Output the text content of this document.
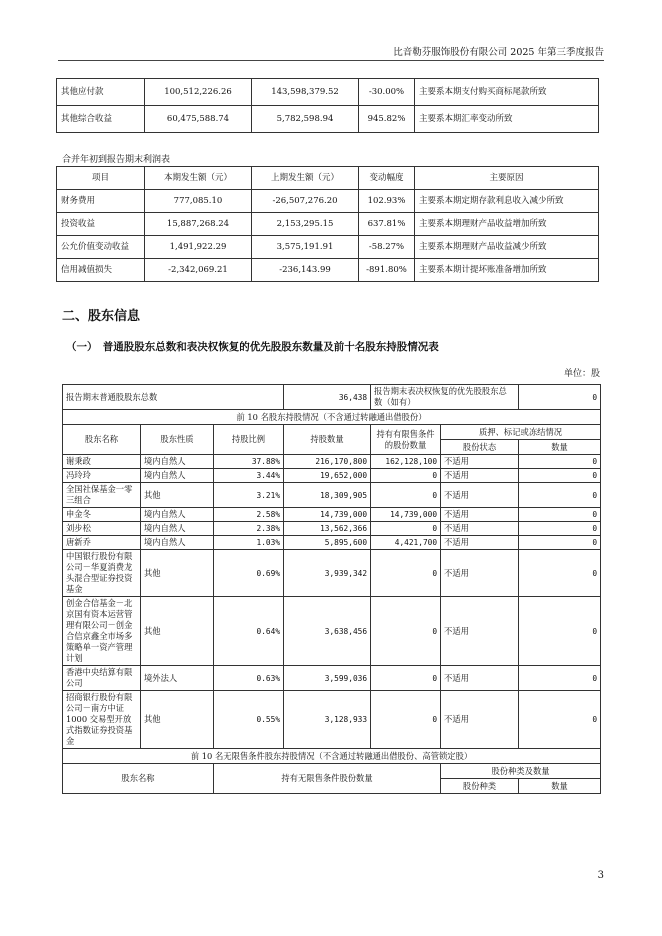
比音勒芬服饰股份有限公司 2025 年第三季度报告
其他应付款	100,512,226.26	143,598,379.52	-30.00%	主要系本期支付购买商标尾款所致
其他综合收益	60,475,588.74	5,782,598.94	945.82%	主要系本期汇率变动所致
合并年初到报告期末利润表
项目	本期发生额（元）	上期发生额（元）	变动幅度	主要原因
财务费用	777,085.10	-26,507,276.20	102.93%	主要系本期定期存款利息收入减少所致
投资收益	15,887,268.24	2,153,295.15	637.81%	主要系本期理财产品收益增加所致
公允价值变动收益	1,491,922.29	3,575,191.91	-58.27%	主要系本期理财产品收益减少所致
信用减值损失	-2,342,069.21	-236,143.99	-891.80%	主要系本期计提坏账准备增加所致
二、股东信息
（一）　普通股股东总数和表决权恢复的优先股股东数量及前十名股东持股情况表
单位：股
报告期末普通股股东总数			36,438	报告期末表决权恢复的优先股股东总数（如有）		0
前 10 名股东持股情况（不含通过转融通出借股份）						
股东名称	股东性质	持股比例	持股数量	持有有限售条件的股份数量	质押、标记或冻结情况	
					股份状态	数量
谢秉政	境内自然人	37.88%	216,170,800	162,128,100	不适用	0
冯玲玲	境内自然人	3.44%	19,652,000	0	不适用	0
全国社保基金一零三组合	其他	3.21%	18,309,905	0	不适用	0
申金冬	境内自然人	2.58%	14,739,000	14,739,000	不适用	0
刘步松	境内自然人	2.38%	13,562,366	0	不适用	0
唐新乔	境内自然人	1.03%	5,895,600	4,421,700	不适用	0
中国银行股份有限公司－华夏消费龙头混合型证券投资基金	其他	0.69%	3,939,342	0	不适用	0
创金合信基金－北京国有资本运营管理有限公司－创金合信京鑫全市场多策略单一资产管理计划	其他	0.64%	3,638,456	0	不适用	0
香港中央结算有限公司	境外法人	0.63%	3,599,036	0	不适用	0
招商银行股份有限公司－南方中证 1000 交易型开放式指数证券投资基金	其他	0.55%	3,128,933	0	不适用	0
前 10 名无限售条件股东持股情况（不含通过转融通出借股份、高管锁定股）						
股东名称		持有无限售条件股份数量			股份种类及数量	
					股份种类	数量
3
